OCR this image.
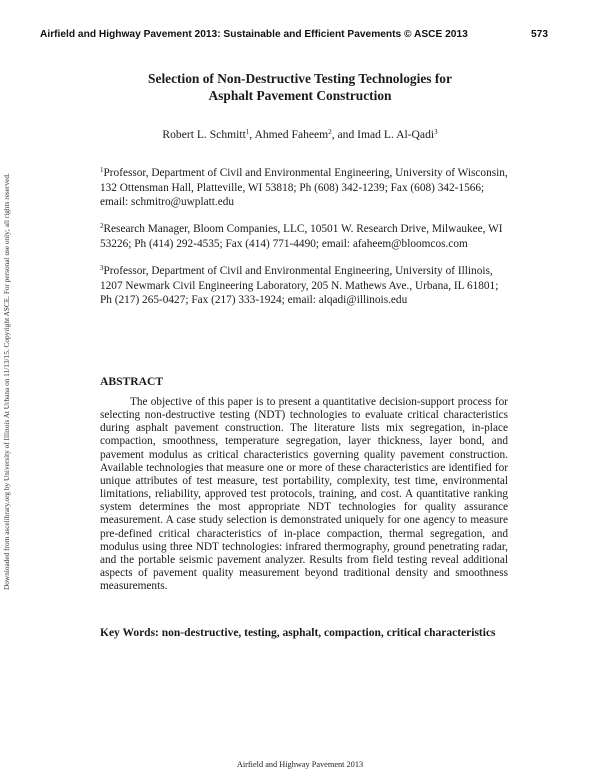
Airfield and Highway Pavement 2013: Sustainable and Efficient Pavements © ASCE 2013	573
Downloaded from ascelibrary.org by University of Illinois At Urbana on 11/13/15. Copyright ASCE. For personal use only; all rights reserved.
Selection of Non-Destructive Testing Technologies for
Asphalt Pavement Construction
Robert L. Schmitt$^1$, Ahmed Faheem$^2$, and Imad L. Al-Qadi$^3$
$^1$Professor, Department of Civil and Environmental Engineering, University of Wisconsin, 132 Ottensman Hall, Platteville, WI 53818; Ph (608) 342-1239; Fax (608) 342-1566; email: schmitro@uwplatt.edu
$^2$Research Manager, Bloom Companies, LLC, 10501 W. Research Drive, Milwaukee, WI 53226; Ph (414) 292-4535; Fax (414) 771-4490; email: afaheem@bloomcos.com
$^3$Professor, Department of Civil and Environmental Engineering, University of Illinois, 1207 Newmark Civil Engineering Laboratory, 205 N. Mathews Ave., Urbana, IL 61801; Ph (217) 265-0427; Fax (217) 333-1924; email: alqadi@illinois.edu
ABSTRACT
The objective of this paper is to present a quantitative decision-support process for selecting non-destructive testing (NDT) technologies to evaluate critical characteristics during asphalt pavement construction. The literature lists mix segregation, in-place compaction, smoothness, temperature segregation, layer thickness, layer bond, and pavement modulus as critical characteristics governing quality pavement construction. Available technologies that measure one or more of these characteristics are identified for unique attributes of test measure, test portability, complexity, test time, environmental limitations, reliability, approved test protocols, training, and cost. A quantitative ranking system determines the most appropriate NDT technologies for quality assurance measurement. A case study selection is demonstrated uniquely for one agency to measure pre-defined critical characteristics of in-place compaction, thermal segregation, and modulus using three NDT technologies: infrared thermography, ground penetrating radar, and the portable seismic pavement analyzer. Results from field testing reveal additional aspects of pavement quality measurement beyond traditional density and smoothness measurements.
Key Words: non-destructive, testing, asphalt, compaction, critical characteristics
Airfield and Highway Pavement 2013
